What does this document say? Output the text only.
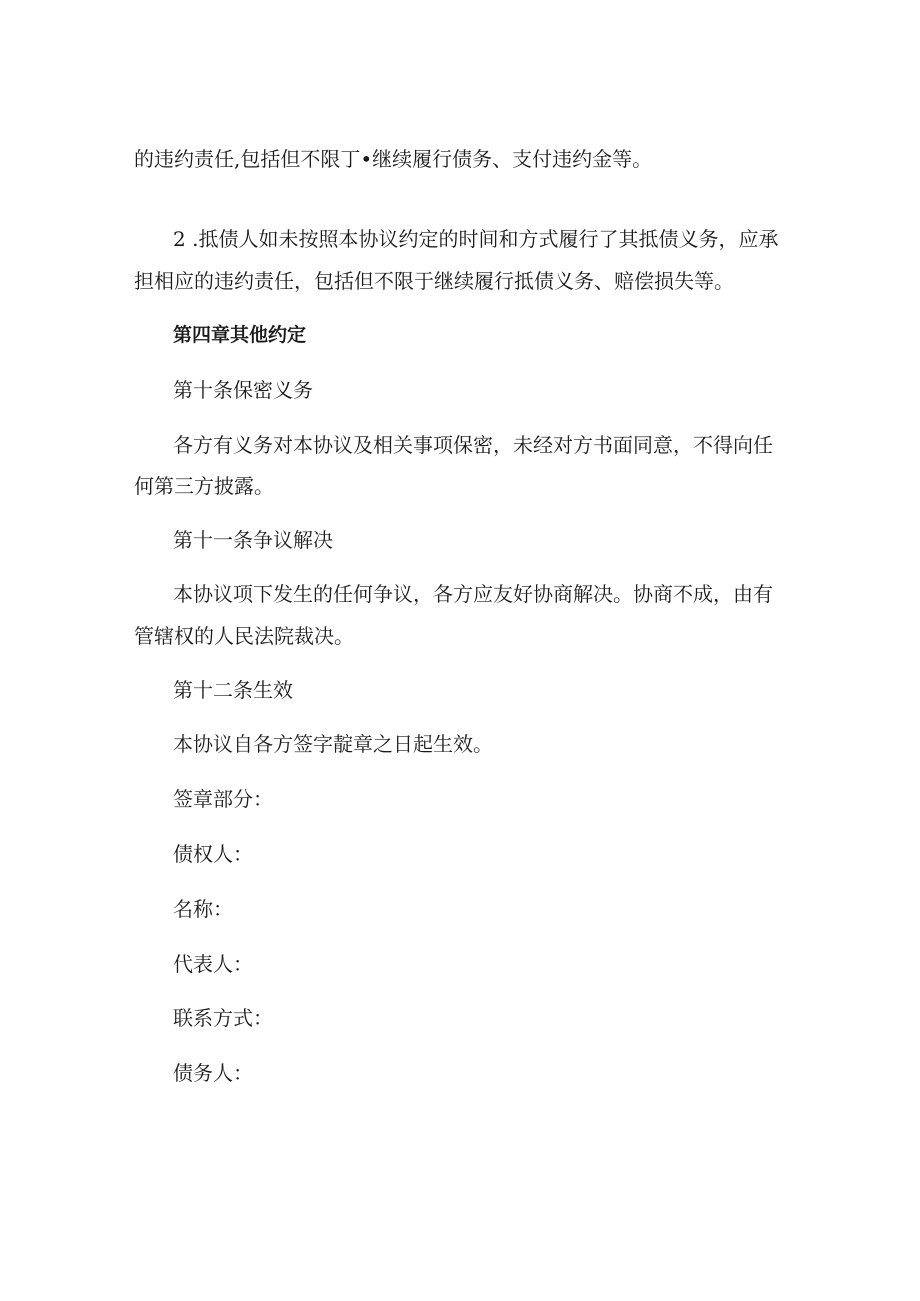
的违约责任,包括但不限丁•继续履行债务、支付违约金等。
2 .抵债人如未按照本协议约定的时间和方式履行了其抵债义务，应承
担相应的违约责任，包括但不限于继续履行抵债义务、赔偿损失等。
第四章其他约定
第十条保密义务
各方有义务对本协议及相关事项保密，未经对方书面同意，不得向任
何第三方披露。
第十一条争议解决
本协议项下发生的任何争议，各方应友好协商解决。协商不成，由有
管辖权的人民法院裁决。
第十二条生效
本协议自各方签字靛章之日起生效。
签章部分：
债权人：
名称：
代表人：
联系方式：
债务人：
